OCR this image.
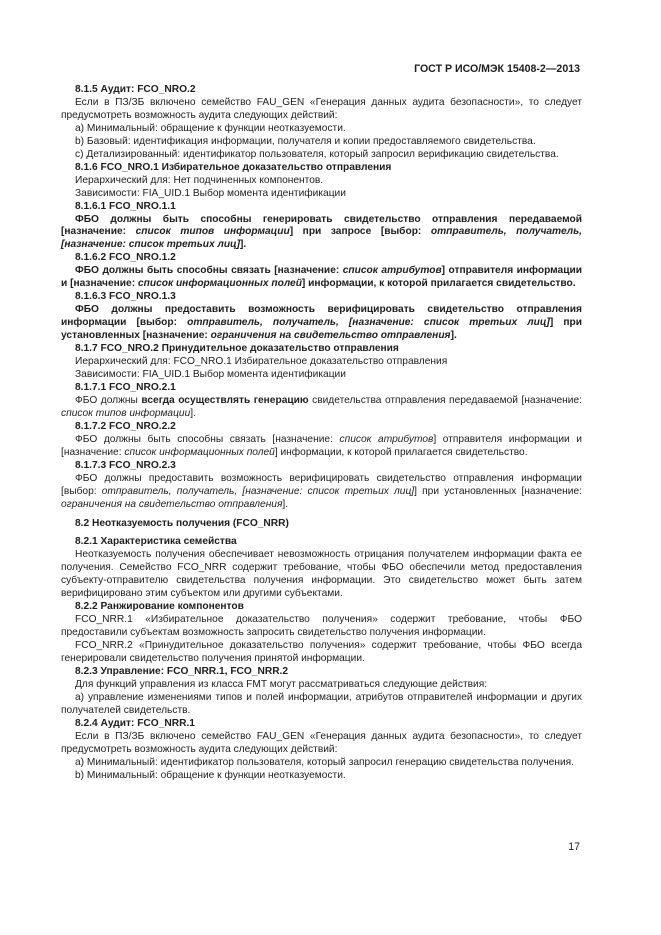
ГОСТ Р ИСО/МЭК 15408-2—2013

8.1.5 Аудит: FCO_NRO.2

Если в ПЗ/ЗБ включено семейство FAU_GEN «Генерация данных аудита безопасности», то следует предусмотреть возможность аудита следующих действий:

a) Минимальный: обращение к функции неотказуемости.

b) Базовый: идентификация информации, получателя и копии предоставляемого свидетельства.

c) Детализированный: идентификатор пользователя, который запросил верификацию свидетельства.

8.1.6 FCO_NRO.1 Избирательное доказательство отправления

Иерархический для: Нет подчиненных компонентов.

Зависимости: FIA_UID.1 Выбор момента идентификации

8.1.6.1 FCO_NRO.1.1

ФБО должны быть способны генерировать свидетельство отправления передаваемой [назначение: список типов информации] при запросе [выбор: отправитель, получатель, [назначение: список третьих лиц]].

8.1.6.2 FCO_NRO.1.2

ФБО должны быть способны связать [назначение: список атрибутов] отправителя информации и [назначение: список информационных полей] информации, к которой прилагается свидетельство.

8.1.6.3 FCO_NRO.1.3

ФБО должны предоставить возможность верифицировать свидетельство отправления информации [выбор: отправитель, получатель, [назначение: список третьих лиц]] при установленных [назначение: ограничения на свидетельство отправления].

8.1.7 FCO_NRO.2 Принудительное доказательство отправления

Иерархический для: FCO_NRO.1 Избирательное доказательство отправления

Зависимости: FIA_UID.1 Выбор момента идентификации

8.1.7.1 FCO_NRO.2.1

ФБО должны всегда осуществлять генерацию свидетельства отправления передаваемой [назначение: список типов информации].

8.1.7.2 FCO_NRO.2.2

ФБО должны быть способны связать [назначение: список атрибутов] отправителя информации и [назначение: список информационных полей] информации, к которой прилагается свидетельство.

8.1.7.3 FCO_NRO.2.3

ФБО должны предоставить возможность верифицировать свидетельство отправления информации [выбор: отправитель, получатель, [назначение: список третьих лиц]] при установленных [назначение: ограничения на свидетельство отправления].

8.2 Неотказуемость получения (FCO_NRR)

8.2.1 Характеристика семейства

Неотказуемость получения обеспечивает невозможность отрицания получателем информации факта ее получения. Семейство FCO_NRR содержит требование, чтобы ФБО обеспечили метод предоставления субъекту-отправителю свидетельства получения информации. Это свидетельство может быть затем верифицировано этим субъектом или другими субъектами.

8.2.2 Ранжирование компонентов

FCO_NRR.1 «Избирательное доказательство получения» содержит требование, чтобы ФБО предоставили субъектам возможность запросить свидетельство получения информации.

FCO_NRR.2 «Принудительное доказательство получения» содержит требование, чтобы ФБО всегда генерировали свидетельство получения принятой информации.

8.2.3 Управление: FCO_NRR.1, FCO_NRR.2

Для функций управления из класса FMT могут рассматриваться следующие действия:

а) управление изменениями типов и полей информации, атрибутов отправителей информации и других получателей свидетельств.

8.2.4 Аудит: FCO_NRR.1

Если в ПЗ/ЗБ включено семейство FAU_GEN «Генерация данных аудита безопасности», то следует предусмотреть возможность аудита следующих действий:

а) Минимальный: идентификатор пользователя, который запросил генерацию свидетельства получения.

b) Минимальный: обращение к функции неотказуемости.

17
